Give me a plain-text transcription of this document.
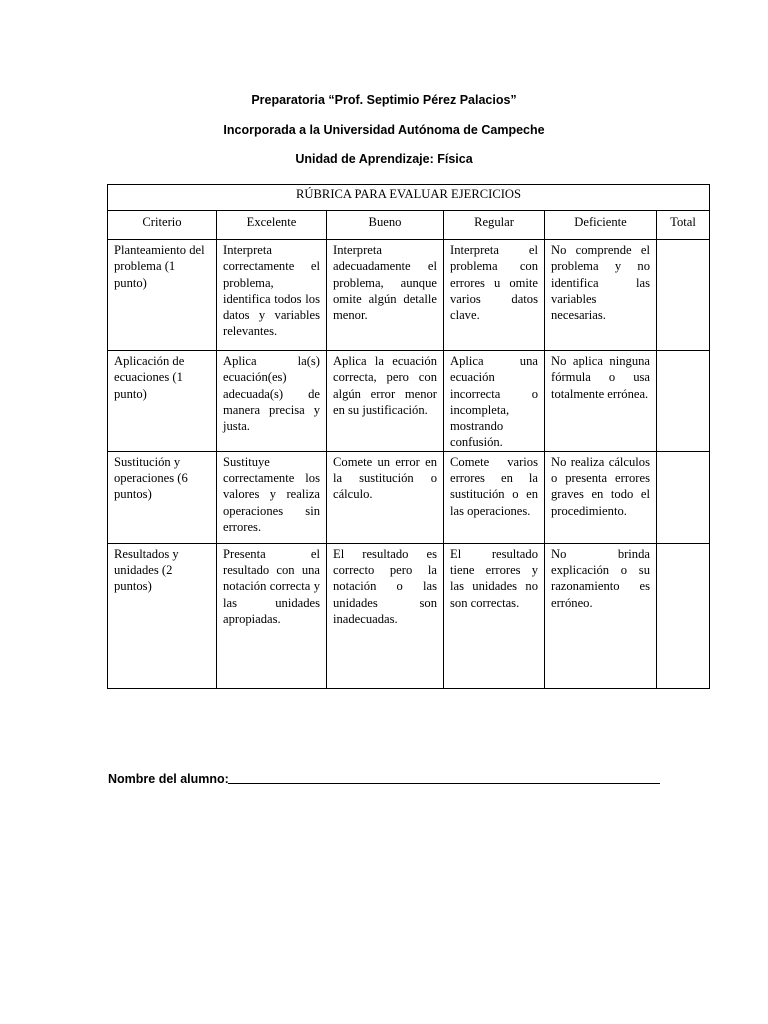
Preparatoria “Prof. Septimio Pérez Palacios”
Incorporada a la Universidad Autónoma de Campeche
Unidad de Aprendizaje: Física
RÚBRICA PARA EVALUAR EJERCICIOS					
Criterio	Excelente	Bueno	Regular	Deficiente	Total
Planteamiento del problema (1 punto)	Interpreta correctamente el problema, identifica todos los datos y variables relevantes.	Interpreta adecuadamente el problema, aunque omite algún detalle menor.	Interpreta el problema con errores u omite varios datos clave.	No comprende el problema y no identifica las variables necesarias.	
Aplicación de ecuaciones (1 punto)	Aplica la(s) ecuación(es) adecuada(s) de manera precisa y justa.	Aplica la ecuación correcta, pero con algún error menor en su justificación.	Aplica una ecuación incorrecta o incompleta, mostrando confusión.	No aplica ninguna fórmula o usa totalmente errónea.	
Sustitución y operaciones (6 puntos)	Sustituye correctamente los valores y realiza operaciones sin errores.	Comete un error en la sustitución o cálculo.	Comete varios errores en la sustitución o en las operaciones.	No realiza cálculos o presenta errores graves en todo el procedimiento.	
Resultados y unidades (2 puntos)	Presenta el resultado con una notación correcta y las unidades apropiadas.	El resultado es correcto pero la notación o las unidades son inadecuadas.	El resultado tiene errores y las unidades no son correctas.	No brinda explicación o su razonamiento es erróneo.	
Nombre del alumno:
